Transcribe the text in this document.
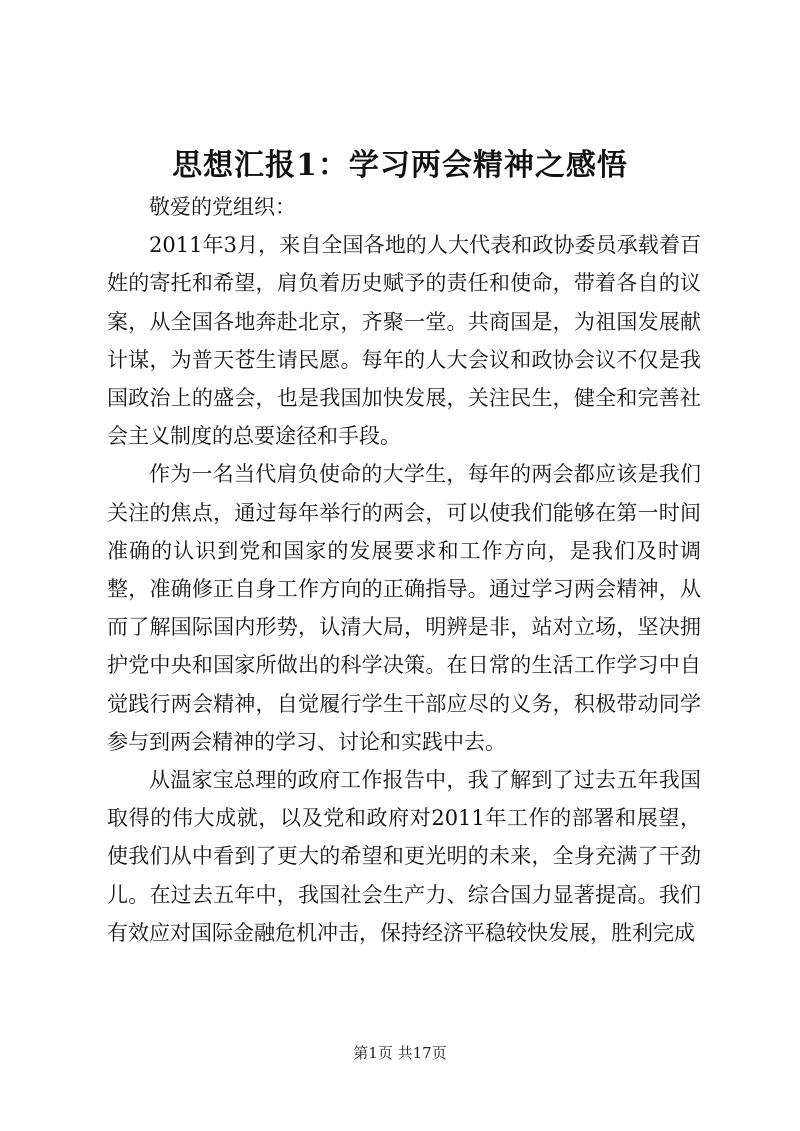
思想汇报1：学习两会精神之感悟

敬爱的党组织：

2011年3月，来自全国各地的人大代表和政协委员承载着百姓的寄托和希望，肩负着历史赋予的责任和使命，带着各自的议案，从全国各地奔赴北京，齐聚一堂。共商国是，为祖国发展献计谋，为普天苍生请民愿。每年的人大会议和政协会议不仅是我国政治上的盛会，也是我国加快发展，关注民生，健全和完善社会主义制度的总要途径和手段。

作为一名当代肩负使命的大学生，每年的两会都应该是我们关注的焦点，通过每年举行的两会，可以使我们能够在第一时间准确的认识到党和国家的发展要求和工作方向，是我们及时调整，准确修正自身工作方向的正确指导。通过学习两会精神，从而了解国际国内形势，认清大局，明辨是非，站对立场，坚决拥护党中央和国家所做出的科学决策。在日常的生活工作学习中自觉践行两会精神，自觉履行学生干部应尽的义务，积极带动同学参与到两会精神的学习、讨论和实践中去。

从温家宝总理的政府工作报告中，我了解到了过去五年我国取得的伟大成就，以及党和政府对2011年工作的部署和展望，使我们从中看到了更大的希望和更光明的未来，全身充满了干劲儿。在过去五年中，我国社会生产力、综合国力显著提高。我们有效应对国际金融危机冲击，保持经济平稳较快发展，胜利完成

第1页 共17页
